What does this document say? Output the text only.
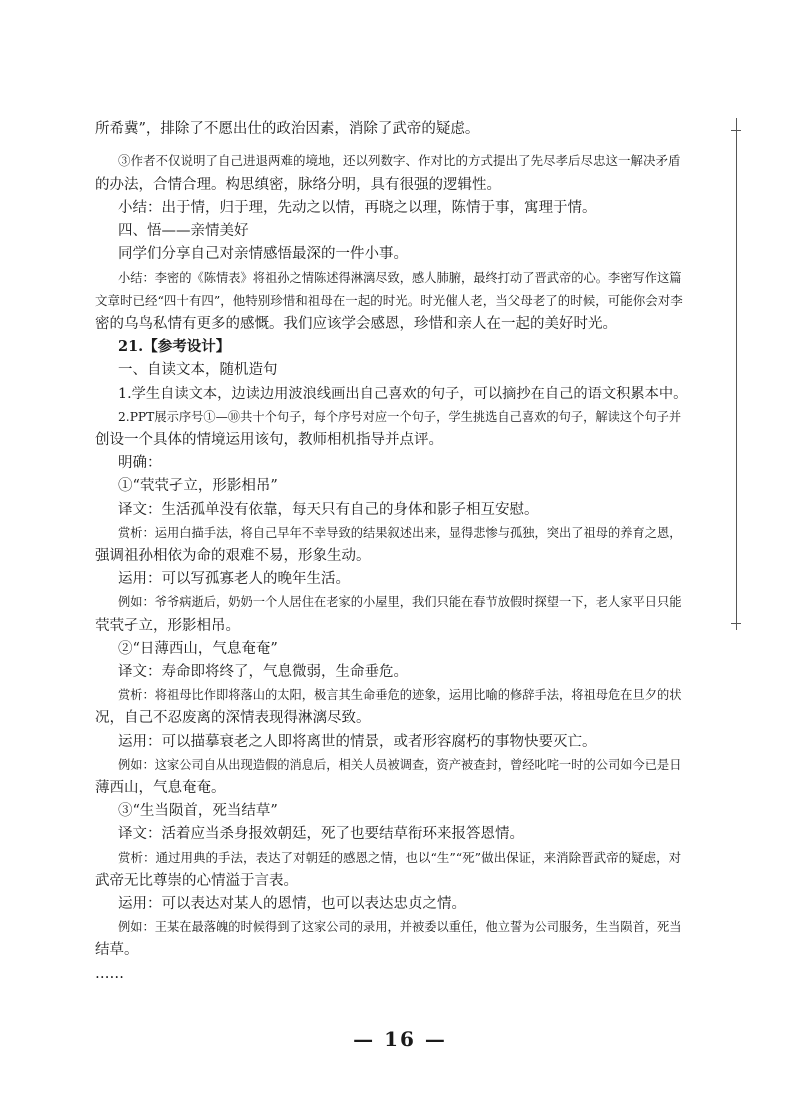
所希冀”，排除了不愿出仕的政治因素，消除了武帝的疑虑。
③作者不仅说明了自己进退两难的境地，还以列数字、作对比的方式提出了先尽孝后尽忠这一解决矛盾
的办法，合情合理。构思缜密，脉络分明，具有很强的逻辑性。
小结：出于情，归于理，先动之以情，再晓之以理，陈情于事，寓理于情。
四、悟——亲情美好
同学们分享自己对亲情感悟最深的一件小事。
小结：李密的《陈情表》将祖孙之情陈述得淋漓尽致，感人肺腑，最终打动了晋武帝的心。李密写作这篇
文章时已经“四十有四”，他特别珍惜和祖母在一起的时光。时光催人老，当父母老了的时候，可能你会对李
密的乌鸟私情有更多的感慨。我们应该学会感恩，珍惜和亲人在一起的美好时光。
21.【参考设计】
一、自读文本，随机造句
1.学生自读文本，边读边用波浪线画出自己喜欢的句子，可以摘抄在自己的语文积累本中。
2.PPT展示序号①—⑩共十个句子，每个序号对应一个句子，学生挑选自己喜欢的句子，解读这个句子并
创设一个具体的情境运用该句，教师相机指导并点评。
明确：
①“茕茕孑立，形影相吊”
译文：生活孤单没有依靠，每天只有自己的身体和影子相互安慰。
赏析：运用白描手法，将自己早年不幸导致的结果叙述出来，显得悲惨与孤独，突出了祖母的养育之恩，
强调祖孙相依为命的艰难不易，形象生动。
运用：可以写孤寡老人的晚年生活。
例如：爷爷病逝后，奶奶一个人居住在老家的小屋里，我们只能在春节放假时探望一下，老人家平日只能
茕茕孑立，形影相吊。
②“日薄西山，气息奄奄”
译文：寿命即将终了，气息微弱，生命垂危。
赏析：将祖母比作即将落山的太阳，极言其生命垂危的迹象，运用比喻的修辞手法，将祖母危在旦夕的状
况，自己不忍废离的深情表现得淋漓尽致。
运用：可以描摹衰老之人即将离世的情景，或者形容腐朽的事物快要灭亡。
例如：这家公司自从出现造假的消息后，相关人员被调查，资产被查封，曾经叱咤一时的公司如今已是日
薄西山，气息奄奄。
③“生当陨首，死当结草”
译文：活着应当杀身报效朝廷，死了也要结草衔环来报答恩情。
赏析：通过用典的手法，表达了对朝廷的感恩之情，也以“生”“死”做出保证，来消除晋武帝的疑虑，对
武帝无比尊崇的心情溢于言表。
运用：可以表达对某人的恩情，也可以表达忠贞之情。
例如：王某在最落魄的时候得到了这家公司的录用，并被委以重任，他立誓为公司服务，生当陨首，死当
结草。
……
— 16 —
